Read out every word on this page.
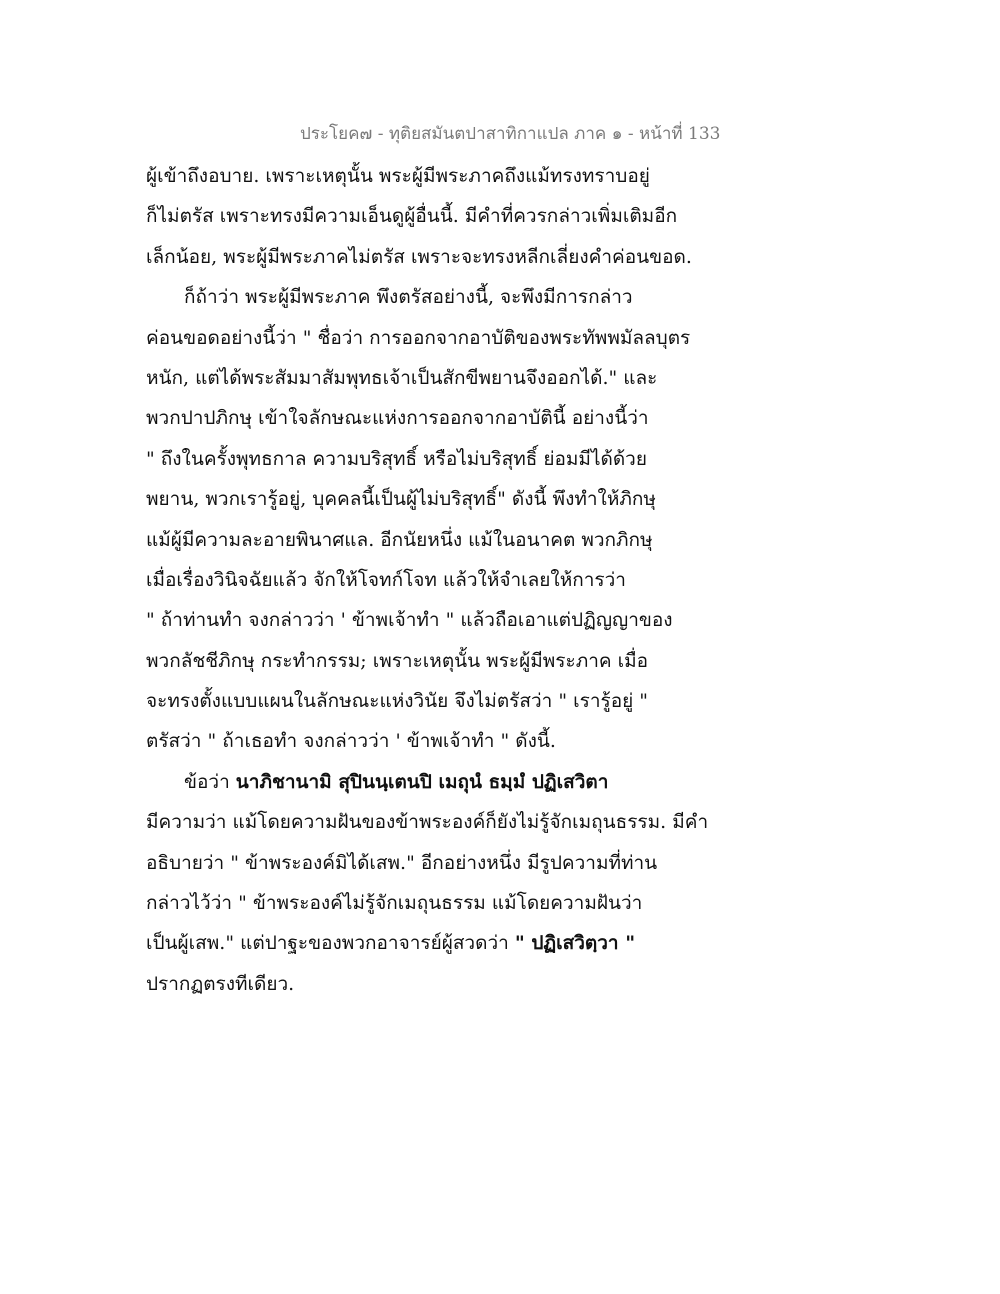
ประโยค๗ - ทุติยสมันตปาสาทิกาแปล ภาค ๑ - หน้าที่ 133
ผู้เข้าถึงอบาย. เพราะเหตุนั้น พระผู้มีพระภาคถึงแม้ทรงทราบอยู่
ก็ไม่ตรัส เพราะทรงมีความเอ็นดูผู้อื่นนี้. มีคำที่ควรกล่าวเพิ่มเติมอีก
เล็กน้อย, พระผู้มีพระภาคไม่ตรัส เพราะจะทรงหลีกเลี่ยงคำค่อนขอด.
ก็ถ้าว่า พระผู้มีพระภาค พึงตรัสอย่างนี้, จะพึงมีการกล่าว
ค่อนขอดอย่างนี้ว่า " ชื่อว่า การออกจากอาบัติของพระทัพพมัลลบุตร
หนัก, แต่ได้พระสัมมาสัมพุทธเจ้าเป็นสักขีพยานจึงออกได้." และ
พวกปาปภิกษุ เข้าใจลักษณะแห่งการออกจากอาบัตินี้ อย่างนี้ว่า
" ถึงในครั้งพุทธกาล ความบริสุทธิ์ หรือไม่บริสุทธิ์ ย่อมมีได้ด้วย
พยาน, พวกเรารู้อยู่, บุคคลนี้เป็นผู้ไม่บริสุทธิ์" ดังนี้ พึงทำให้ภิกษุ
แม้ผู้มีความละอายพินาศแล. อีกนัยหนึ่ง แม้ในอนาคต พวกภิกษุ
เมื่อเรื่องวินิจฉัยแล้ว จักให้โจทก์โจท แล้วให้จำเลยให้การว่า
" ถ้าท่านทำ จงกล่าวว่า ' ข้าพเจ้าทำ " แล้วถือเอาแต่ปฏิญญาของ
พวกลัชชีภิกษุ กระทำกรรม; เพราะเหตุนั้น พระผู้มีพระภาค เมื่อ
จะทรงตั้งแบบแผนในลักษณะแห่งวินัย จึงไม่ตรัสว่า " เรารู้อยู่ "
ตรัสว่า " ถ้าเธอทำ จงกล่าวว่า ' ข้าพเจ้าทำ " ดังนี้.
ข้อว่า นาภิชานามิ สุปินนฺเตนปิ เมถุนํ ธมฺมํ ปฏิเสวิตา
มีความว่า แม้โดยความฝันของข้าพระองค์ก็ยังไม่รู้จักเมถุนธรรม. มีคำ
อธิบายว่า " ข้าพระองค์มิได้เสพ." อีกอย่างหนึ่ง มีรูปความที่ท่าน
กล่าวไว้ว่า " ข้าพระองค์ไม่รู้จักเมถุนธรรม แม้โดยความฝันว่า
เป็นผู้เสพ." แต่ปาฐะของพวกอาจารย์ผู้สวดว่า " ปฏิเสวิตฺวา "
ปรากฏตรงทีเดียว.
